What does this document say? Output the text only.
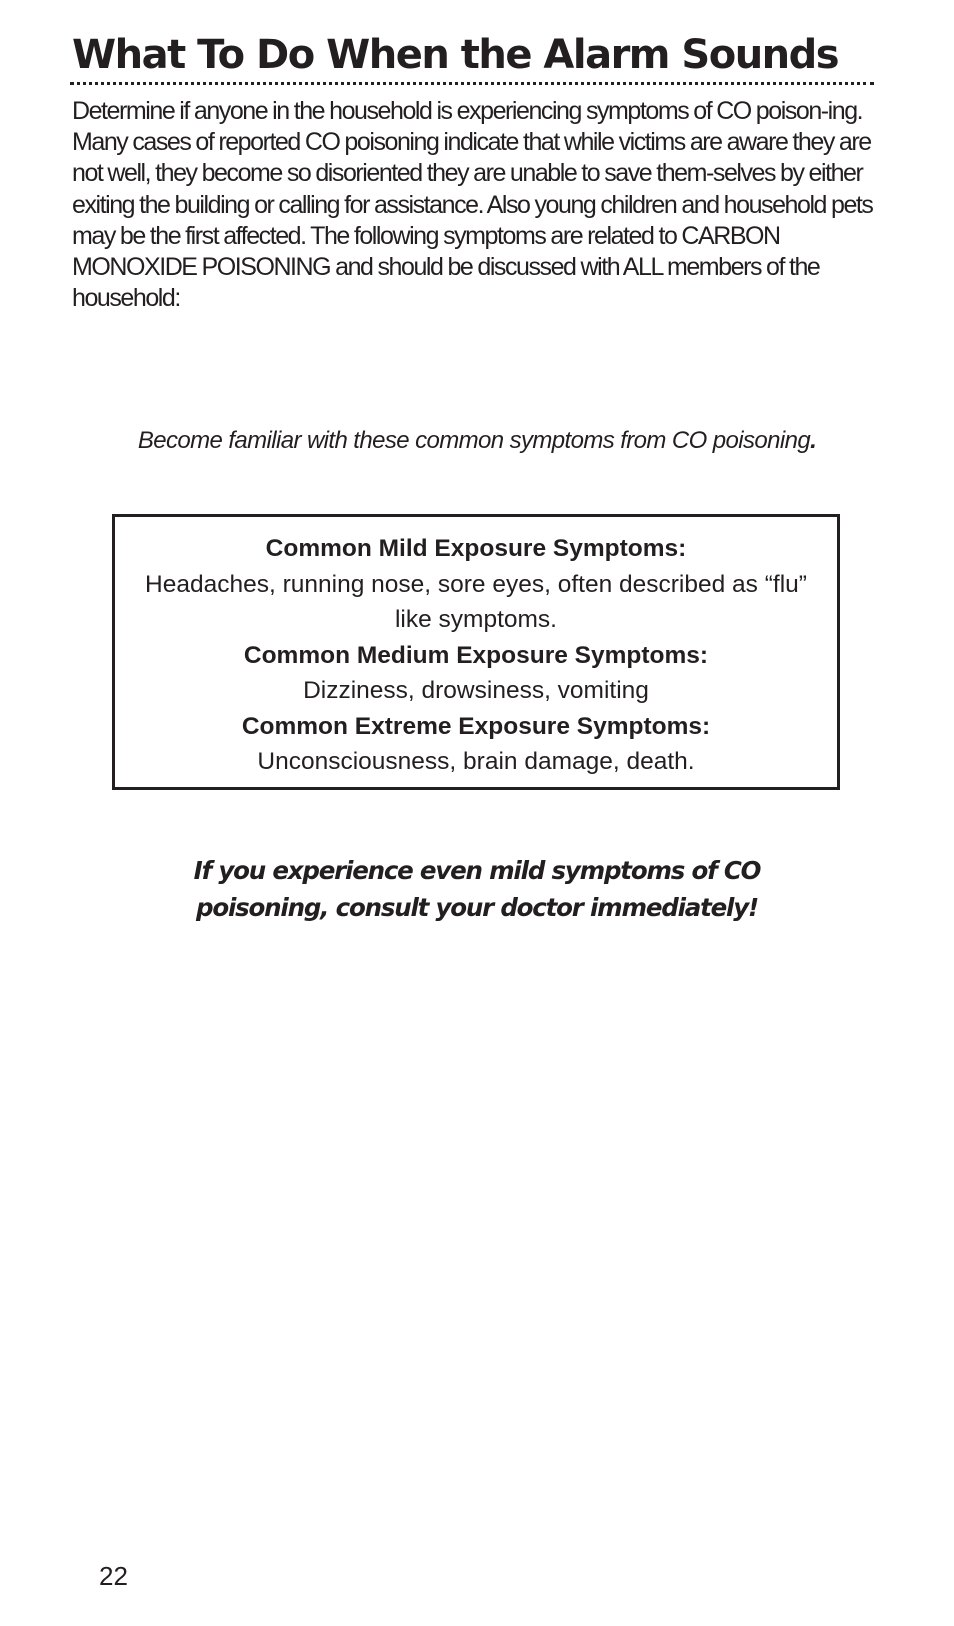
What To Do When the Alarm Sounds

Determine if anyone in the household is experiencing symptoms of CO poison-ing. Many cases of reported CO poisoning indicate that while victims are aware they are not well, they become so disoriented they are unable to save them-selves by either exiting the building or calling for assistance. Also young children and household pets may be the first affected. The following symptoms are related to CARBON MONOXIDE POISONING and should be discussed with ALL members of the household:

Become familiar with these common symptoms from CO poisoning.

Common Mild Exposure Symptoms:
Headaches, running nose, sore eyes, often described as “flu” like symptoms.
Common Medium Exposure Symptoms:
Dizziness, drowsiness, vomiting
Common Extreme Exposure Symptoms:
Unconsciousness, brain damage, death.

If you experience even mild symptoms of CO
poisoning, consult your doctor immediately!

22
